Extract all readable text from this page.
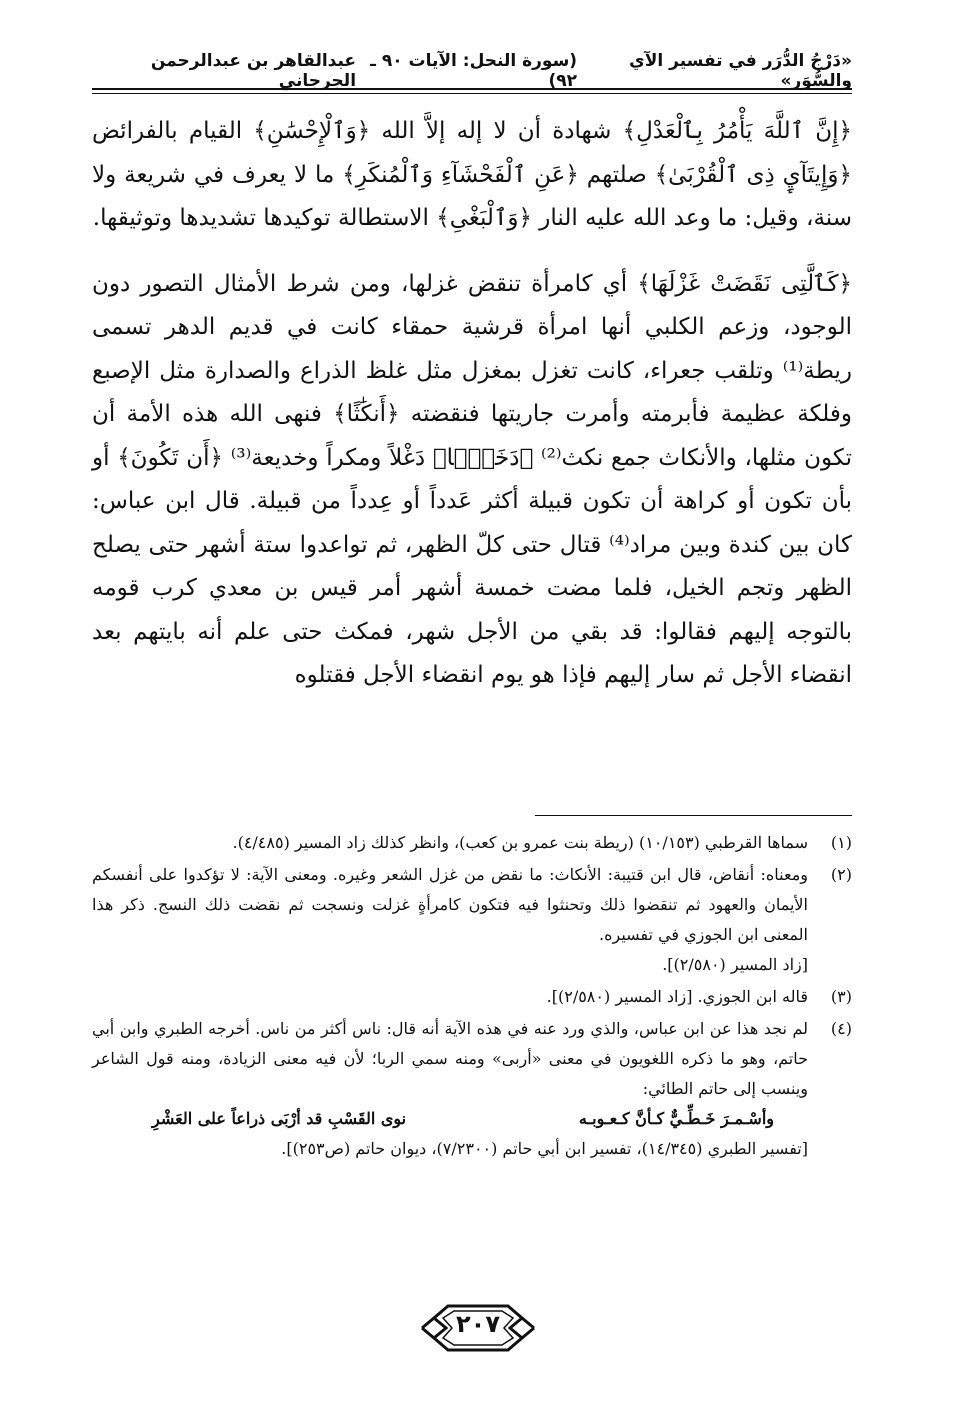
«دَرْجُ الدُّرَر في تفسير الآي والسُّوَر»
(سورة النحل: الآيات ٩٠ ـ ٩٢)
عبدالقاهر بن عبدالرحمن الجرجاني

﴿إِنَّ ٱللَّهَ يَأْمُرُ بِٱلْعَدْلِ﴾ شهادة أن لا إله إلاَّ الله ﴿وَٱلْإِحْسَٰنِ﴾ القيام بالفرائض ﴿وَإِيتَآيِٕ ذِى ٱلْقُرْبَىٰ﴾ صلتهم ﴿عَنِ ٱلْفَحْشَآءِ وَٱلْمُنكَرِ﴾ ما لا يعرف في شريعة ولا سنة، وقيل: ما وعد الله عليه النار ﴿وَٱلْبَغْىِ﴾ الاستطالة توكيدها تشديدها وتوثيقها.

﴿كَٱلَّتِى نَقَضَتْ غَزْلَهَا﴾ أي كامرأة تنقض غزلها، ومن شرط الأمثال التصور دون الوجود، وزعم الكلبي أنها امرأة قرشية حمقاء كانت في قديم الدهر تسمى ريطة⁽¹⁾ وتلقب جعراء، كانت تغزل بمغزل مثل غلظ الذراع والصدارة مثل الإصبع وفلكة عظيمة فأبرمته وأمرت جاريتها فنقضته ﴿أَنكَٰثًا﴾ فنهى الله هذه الأمة أن تكون مثلها، والأنكاث جمع نكث⁽²⁾ ﴿دَخَلًۢا﴾ دَغْلاً ومكراً وخديعة⁽³⁾ ﴿أَن تَكُونَ﴾ أو بأن تكون أو كراهة أن تكون قبيلة أكثر عَدداً أو عِدداً من قبيلة. قال ابن عباس: كان بين كندة وبين مراد⁽⁴⁾ قتال حتى كلّ الظهر، ثم تواعدوا ستة أشهر حتى يصلح الظهر وتجم الخيل، فلما مضت خمسة أشهر أمر قيس بن معدي كرب قومه بالتوجه إليهم فقالوا: قد بقي من الأجل شهر، فمكث حتى علم أنه بايتهم بعد انقضاء الأجل ثم سار إليهم فإذا هو يوم انقضاء الأجل فقتلوه

(١)
سماها القرطبي (١٠/١٥٣) (ريطة بنت عمرو بن كعب)، وانظر كذلك زاد المسير (٤/٤٨٥).
(٢)
ومعناه: أنقاض، قال ابن قتيبة: الأنكاث: ما نقض من غزل الشعر وغيره. ومعنى الآية: لا تؤكدوا على أنفسكم الأيمان والعهود ثم تنقضوا ذلك وتحنثوا فيه فتكون كامرأةٍ غزلت ونسجت ثم نقضت ذلك النسج. ذكر هذا المعنى ابن الجوزي في تفسيره.
[زاد المسير (٢/٥٨٠)].
(٣)
قاله ابن الجوزي. [زاد المسير (٢/٥٨٠)].
(٤)
لم نجد هذا عن ابن عباس، والذي ورد عنه في هذه الآية أنه قال: ناس أكثر من ناس. أخرجه الطبري وابن أبي حاتم، وهو ما ذكره اللغويون في معنى «أربى» ومنه سمي الربا؛ لأن فيه معنى الزيادة، ومنه قول الشاعر وينسب إلى حاتم الطائي:
وأسْـمـرَ خَـطِّـيٌّ كـأنَّ كـعـوبـه
نوى القَسْبِ قد أرْبَى ذراعاً على العَشْرِ
[تفسير الطبري (١٤/٣٤٥)، تفسير ابن أبي حاتم (٧/٢٣٠٠)، ديوان حاتم (ص٢٥٣)].
٢٠٧
